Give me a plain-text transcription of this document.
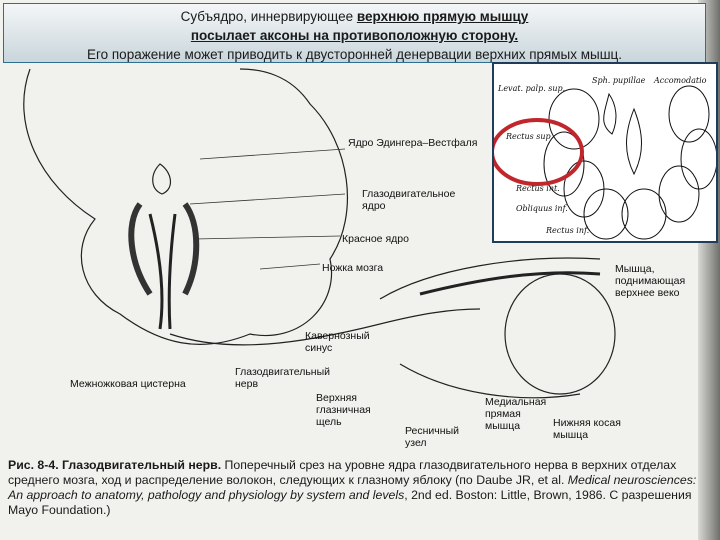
Субъядро, иннервирующее верхнюю прямую мышцу
посылает аксоны на противоположную сторону.
Его поражение может приводить к двусторонней денервации верхних прямых мышц.
Ядро Эдингера–Вестфаля
Глазодвигательное ядро
Красное ядро
Ножка мозга
Кавернозный синус
Глазодвигательный нерв
Межножковая цистерна
Верхняя глазничная щель
Ресничный узел
Медиальная прямая мышца	Нижняя косая мышца
Мышца, поднимающая верхнее веко
Levat. palp. sup.
Sph. pupillae Accomodatio
Rectus sup.
Rectus int.
Obliquus inf.
Rectus inf.
Рис. 8-4. Глазодвигательный нерв. Поперечный срез на уровне ядра глазодвигательного нерва в верхних отделах среднего мозга, ход и распределение волокон, следующих к глазному яблоку (по Daube JR, et al. Medical neurosciences: An approach to anatomy, pathology and physiology by system and levels, 2nd ed. Boston: Little, Brown, 1986. С разрешения Mayo Foundation.)
